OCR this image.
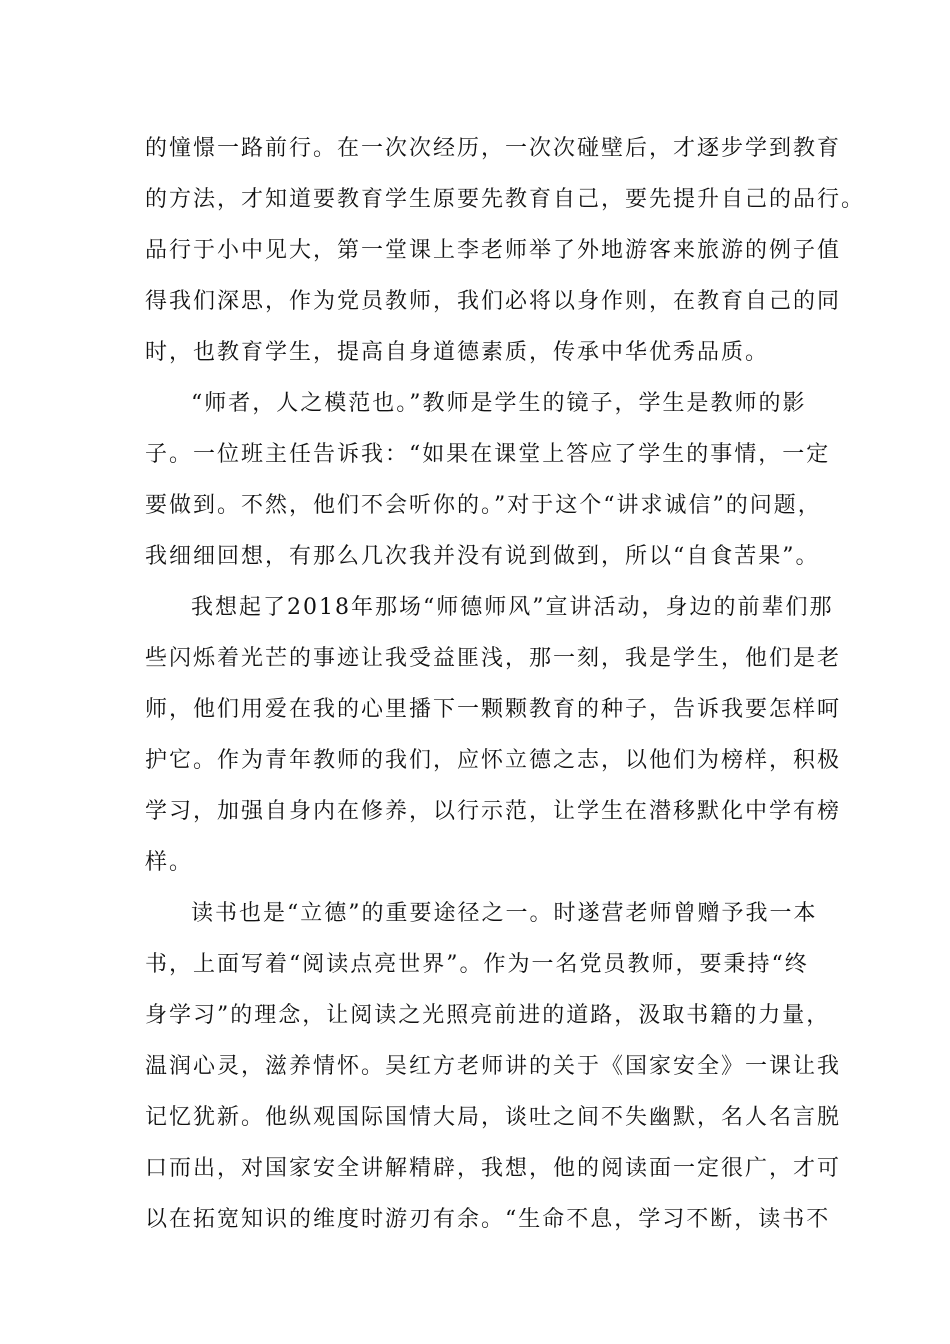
的憧憬一路前行。在一次次经历，一次次碰壁后，才逐步学到教育
的方法，才知道要教育学生原要先教育自己，要先提升自己的品行。
品行于小中见大，第一堂课上李老师举了外地游客来旅游的例子值
得我们深思，作为党员教师，我们必将以身作则，在教育自己的同
时，也教育学生，提高自身道德素质，传承中华优秀品质。
“师者，人之模范也。”教师是学生的镜子，学生是教师的影
子。一位班主任告诉我：“如果在课堂上答应了学生的事情，一定
要做到。不然，他们不会听你的。”对于这个“讲求诚信”的问题，
我细细回想，有那么几次我并没有说到做到，所以“自食苦果”。
我想起了2018年那场“师德师风”宣讲活动，身边的前辈们那
些闪烁着光芒的事迹让我受益匪浅，那一刻，我是学生，他们是老
师，他们用爱在我的心里播下一颗颗教育的种子，告诉我要怎样呵
护它。作为青年教师的我们，应怀立德之志，以他们为榜样，积极
学习，加强自身内在修养，以行示范，让学生在潜移默化中学有榜
样。
读书也是“立德”的重要途径之一。时遂营老师曾赠予我一本
书，上面写着“阅读点亮世界”。作为一名党员教师，要秉持“终
身学习”的理念，让阅读之光照亮前进的道路，汲取书籍的力量，
温润心灵，滋养情怀。吴红方老师讲的关于《国家安全》一课让我
记忆犹新。他纵观国际国情大局，谈吐之间不失幽默，名人名言脱
口而出，对国家安全讲解精辟，我想，他的阅读面一定很广，才可
以在拓宽知识的维度时游刃有余。“生命不息，学习不断，读书不
